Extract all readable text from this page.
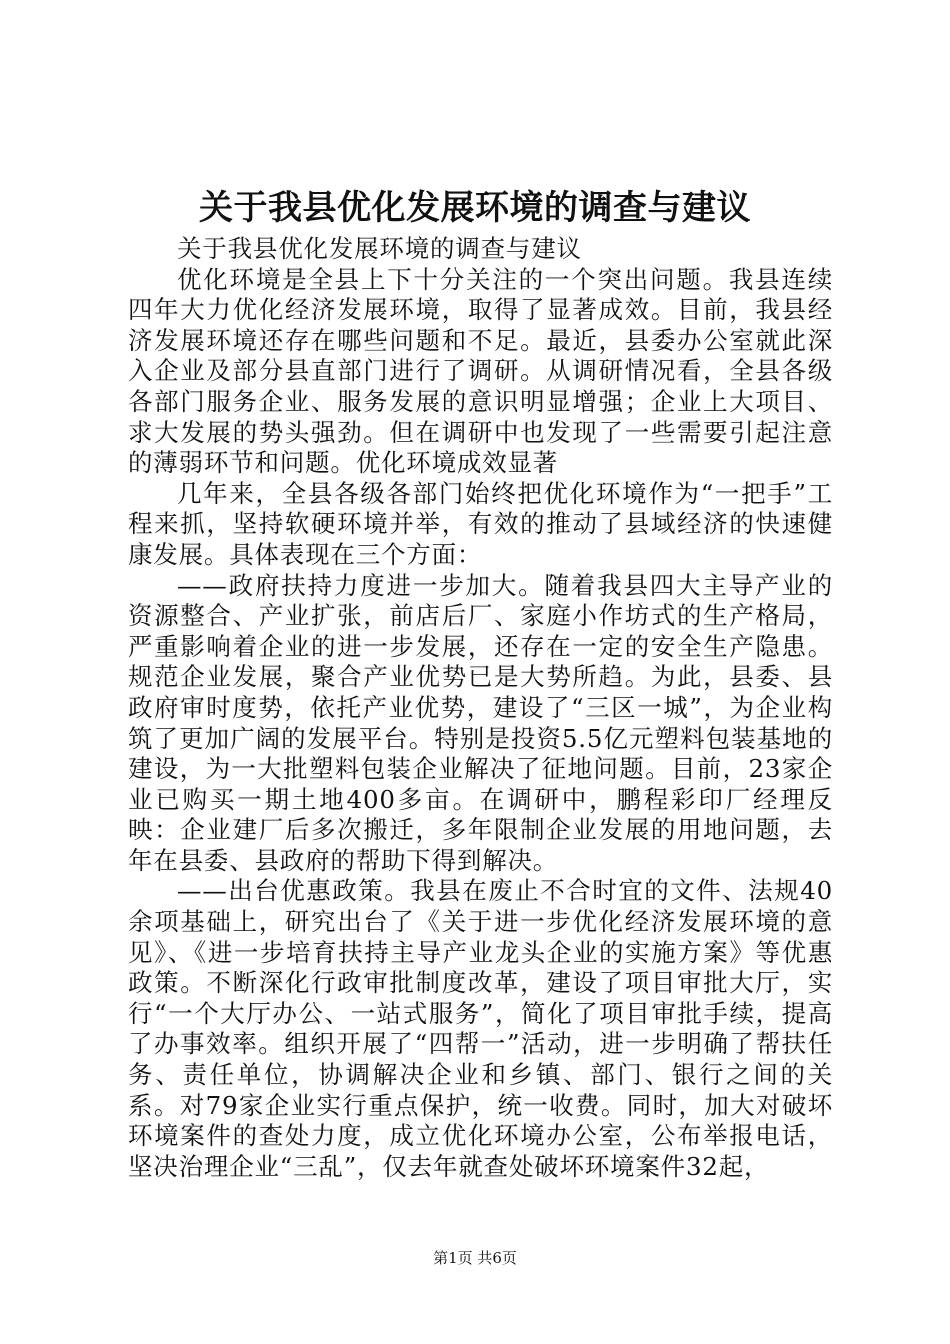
关于我县优化发展环境的调查与建议

关于我县优化发展环境的调查与建议

优化环境是全县上下十分关注的一个突出问题。我县连续四年大力优化经济发展环境，取得了显著成效。目前，我县经济发展环境还存在哪些问题和不足。最近，县委办公室就此深入企业及部分县直部门进行了调研。从调研情况看，全县各级各部门服务企业、服务发展的意识明显增强；企业上大项目、求大发展的势头强劲。但在调研中也发现了一些需要引起注意的薄弱环节和问题。优化环境成效显著

几年来，全县各级各部门始终把优化环境作为“一把手”工程来抓，坚持软硬环境并举，有效的推动了县域经济的快速健康发展。具体表现在三个方面：

——政府扶持力度进一步加大。随着我县四大主导产业的资源整合、产业扩张，前店后厂、家庭小作坊式的生产格局，严重影响着企业的进一步发展，还存在一定的安全生产隐患。规范企业发展，聚合产业优势已是大势所趋。为此，县委、县政府审时度势，依托产业优势，建设了“三区一城”，为企业构筑了更加广阔的发展平台。特别是投资5.5亿元塑料包装基地的建设，为一大批塑料包装企业解决了征地问题。目前，23家企业已购买一期土地400多亩。在调研中，鹏程彩印厂经理反映：企业建厂后多次搬迁，多年限制企业发展的用地问题，去年在县委、县政府的帮助下得到解决。

——出台优惠政策。我县在废止不合时宜的文件、法规40余项基础上，研究出台了《关于进一步优化经济发展环境的意见》、《进一步培育扶持主导产业龙头企业的实施方案》等优惠政策。不断深化行政审批制度改革，建设了项目审批大厅，实行“一个大厅办公、一站式服务”，简化了项目审批手续，提高了办事效率。组织开展了“四帮一”活动，进一步明确了帮扶任务、责任单位，协调解决企业和乡镇、部门、银行之间的关系。对79家企业实行重点保护，统一收费。同时，加大对破坏环境案件的查处力度，成立优化环境办公室，公布举报电话，坚决治理企业“三乱”，仅去年就查处破坏环境案件32起，

第1页 共6页
